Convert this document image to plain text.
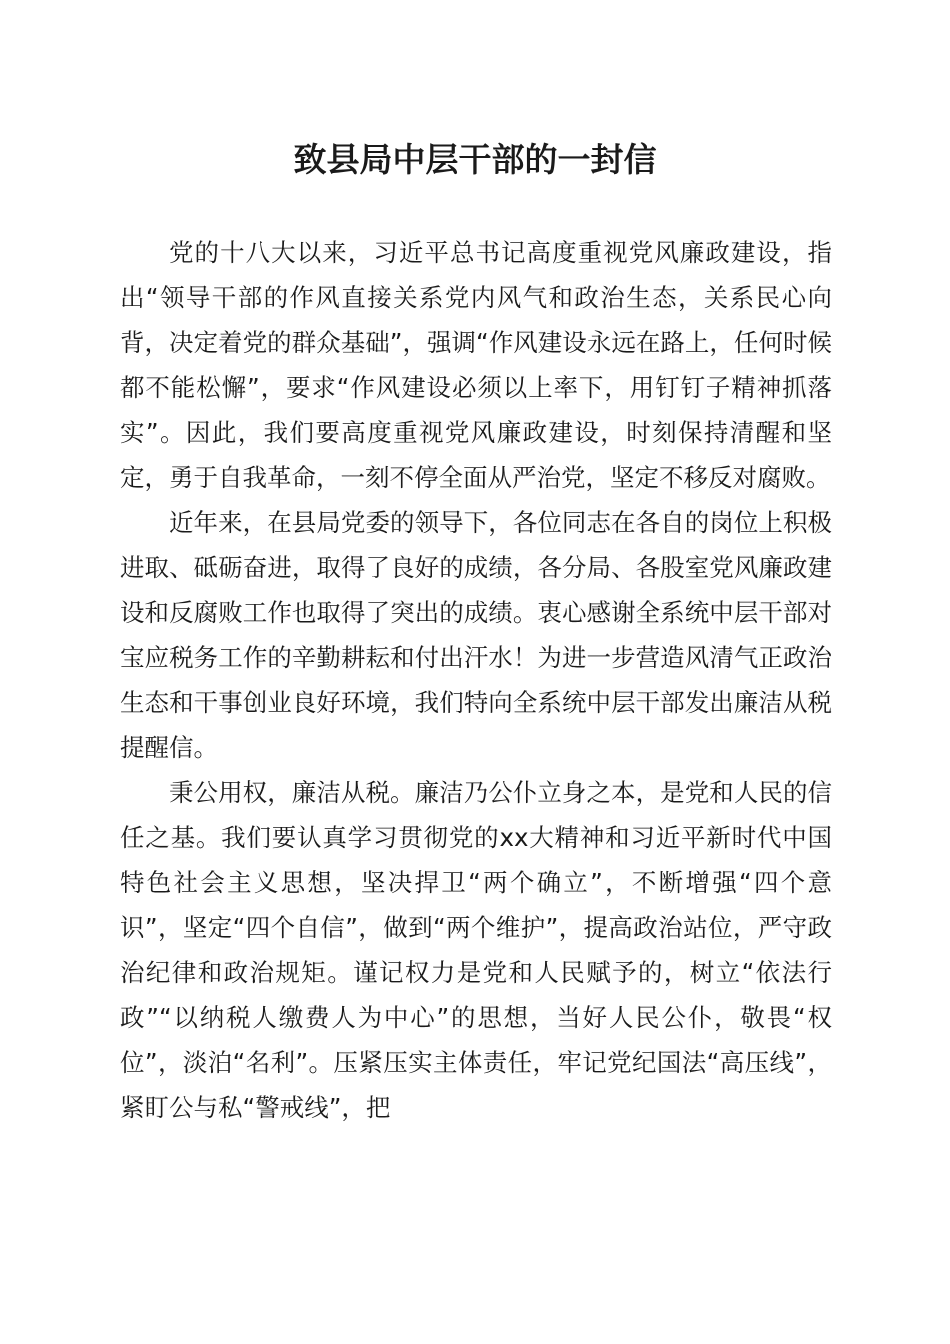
致县局中层干部的一封信

党的十八大以来，习近平总书记高度重视党风廉政建设，指出“领导干部的作风直接关系党内风气和政治生态，关系民心向背，决定着党的群众基础”，强调“作风建设永远在路上，任何时候都不能松懈”，要求“作风建设必须以上率下，用钉钉子精神抓落实”。因此，我们要高度重视党风廉政建设，时刻保持清醒和坚定，勇于自我革命，一刻不停全面从严治党，坚定不移反对腐败。

近年来，在县局党委的领导下，各位同志在各自的岗位上积极进取、砥砺奋进，取得了良好的成绩，各分局、各股室党风廉政建设和反腐败工作也取得了突出的成绩。衷心感谢全系统中层干部对宝应税务工作的辛勤耕耘和付出汗水！为进一步营造风清气正政治生态和干事创业良好环境，我们特向全系统中层干部发出廉洁从税提醒信。

秉公用权，廉洁从税。廉洁乃公仆立身之本，是党和人民的信任之基。我们要认真学习贯彻党的xx大精神和习近平新时代中国特色社会主义思想，坚决捍卫“两个确立”，不断增强“四个意识”，坚定“四个自信”，做到“两个维护”，提高政治站位，严守政治纪律和政治规矩。谨记权力是党和人民赋予的，树立“依法行政”“以纳税人缴费人为中心”的思想，当好人民公仆，敬畏“权位”，淡泊“名利”。压紧压实主体责任，牢记党纪国法“高压线”，紧盯公与私“警戒线”，把
